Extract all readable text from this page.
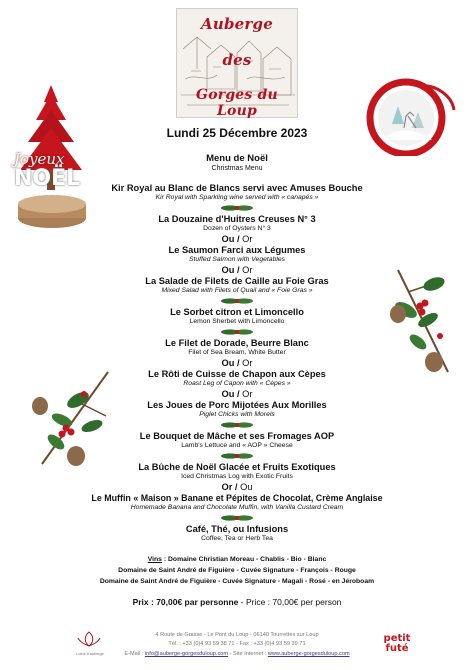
Auberge
des
Gorges du Loup
Joyeux
NOËL
Lundi 25 Décembre 2023
Menu de Noël
Christmas Menu
Kir Royal au Blanc de Blancs servi avec Amuses Bouche
Kir Royal with Sparkling wine served with « canapés »
La Douzaine d'Huitres Creuses N° 3
Dozen of Oysters N° 3
Ou / Or
Le Saumon Farci aux Légumes
Stuffed Salmon with Vegetables
Ou / Or
La Salade de Filets de Caille au Foie Gras
Mixed Salad with Filets of Quail and « Foie Gras »
Le Sorbet citron et Limoncello
Lemon Sherbet with Limoncello
Le Filet de Dorade, Beurre Blanc
Filet of Sea Bream, White Butter
Ou / Or
Le Rôti de Cuisse de Chapon aux Cèpes
Roast Leg of Capon with « Cèpes »
Ou / Or
Les Joues de Porc Mijotées Aux Morilles
Piglet Chicks with Morels
Le Bouquet de Mâche et ses Fromages AOP
Lamb's Lettuce and « AOP » Cheese
La Bûche de Noël Glacée et Fruits Exotiques
Iced Christmas Log with Exotic Fruits
Or / Ou
Le Muffin « Maison » Banane et Pépites de Chocolat, Crème Anglaise
Homemade Banana and Chocolate Muffin, with Vanilla Custard Cream
Café, Thé, ou Infusions
Coffee, Tea or Herb Tea
Vins : Domaine Christian Moreau - Chablis - Bio - Blanc
Domaine de Saint André de Figuière - Cuvée Signature - François - Rouge
Domaine de Saint André de Figuière - Cuvée Signature - Magali - Rosé - en Jéroboam
Prix : 70,00€ par personne - Price : 70,00€ per person
Lotus à auberge
4 Route de Grasse - Le Pont du Loup - 06140 Tourrettes sur Loup
Tél. : +33 (0)4 93 59 38 71 - Fax : +33 (0)4 93 59 39 71
E-Mail : info@auberge-gorgesduloup.com - Site Internet : www.auberge-gorgesduloup.com
petit futé
